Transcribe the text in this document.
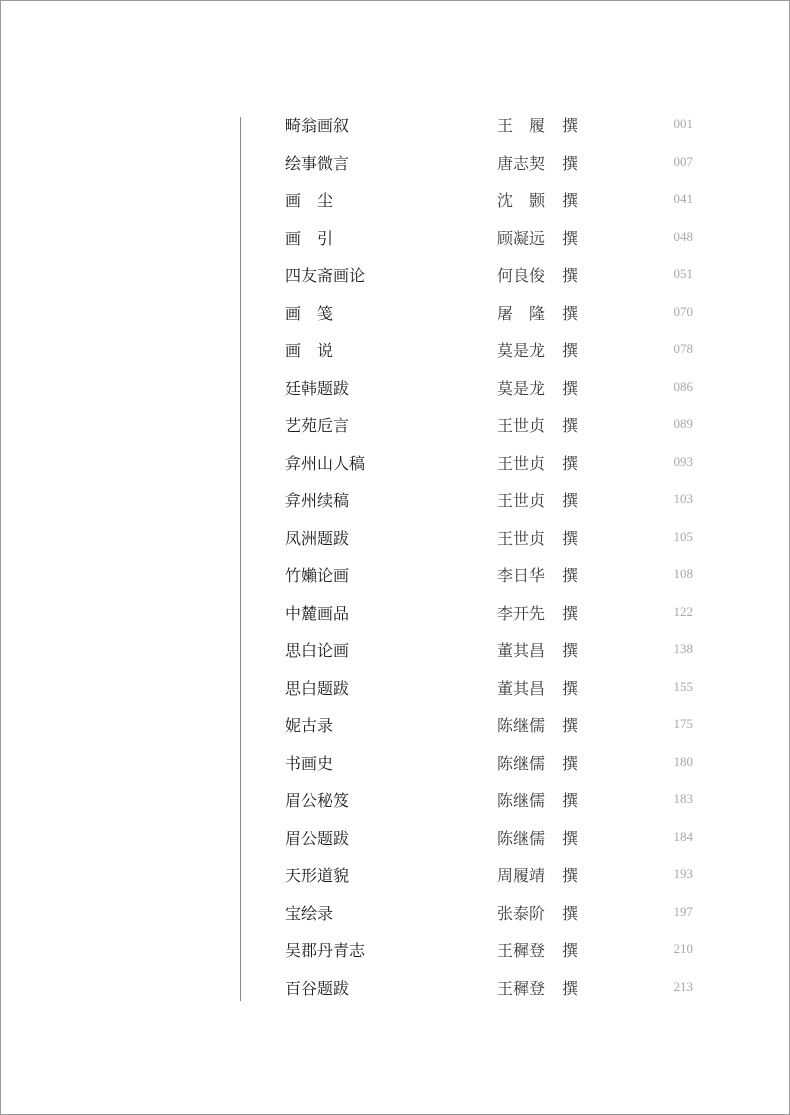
畸翁画叙	王　履 撰	001
绘事微言	唐志契 撰	007
画　尘	沈　颢 撰	041
画　引	顾凝远 撰	048
四友斋画论	何良俊 撰	051
画　笺	屠　隆 撰	070
画　说	莫是龙 撰	078
廷韩题跋	莫是龙 撰	086
艺苑卮言	王世贞 撰	089
弇州山人稿	王世贞 撰	093
弇州续稿	王世贞 撰	103
凤洲题跋	王世贞 撰	105
竹嬾论画	李日华 撰	108
中麓画品	李开先 撰	122
思白论画	董其昌 撰	138
思白题跋	董其昌 撰	155
妮古录	陈继儒 撰	175
书画史	陈继儒 撰	180
眉公秘笈	陈继儒 撰	183
眉公题跋	陈继儒 撰	184
天形道貌	周履靖 撰	193
宝绘录	张泰阶 撰	197
吴郡丹青志	王穉登 撰	210
百谷题跋	王穉登 撰	213
